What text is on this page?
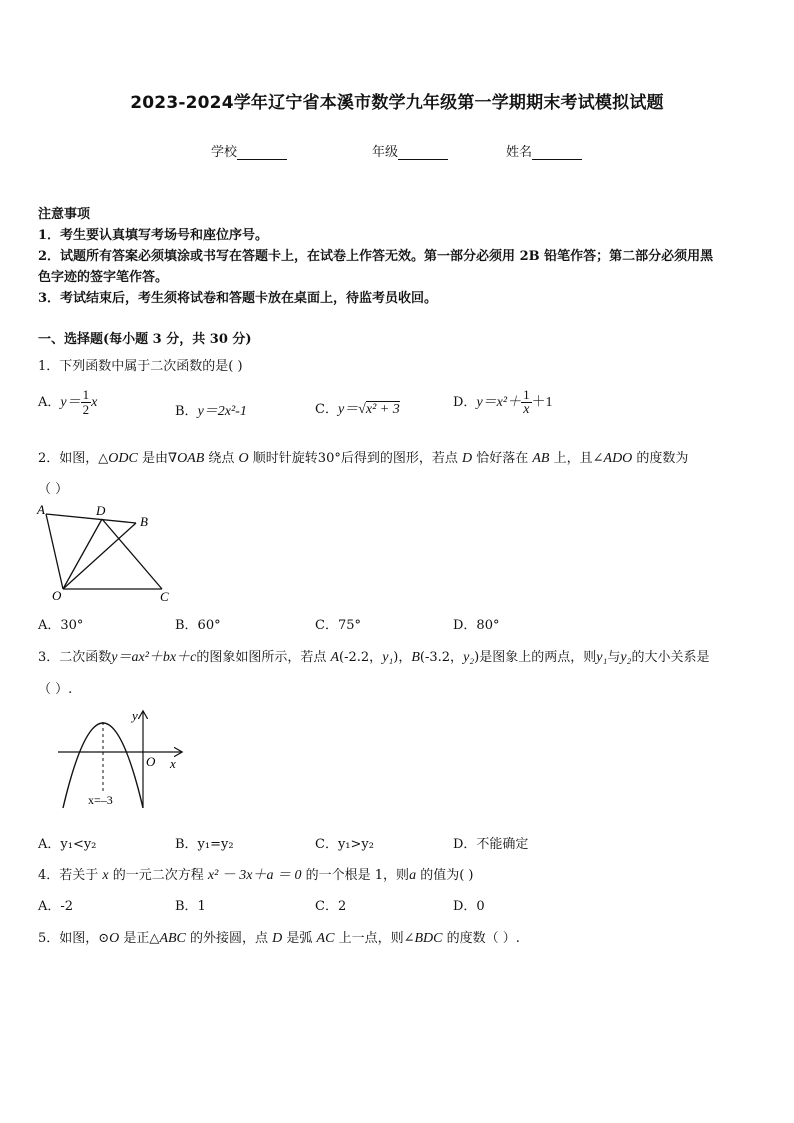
2023-2024学年辽宁省本溪市数学九年级第一学期期末考试模拟试题
学校	年级	姓名
注意事项
1．考生要认真填写考场号和座位序号。
2．试题所有答案必须填涂或书写在答题卡上，在试卷上作答无效。第一部分必须用 2B 铅笔作答；第二部分必须用黑
色字迹的签字笔作答。
3．考试结束后，考生须将试卷和答题卡放在桌面上，待监考员收回。
一、选择题(每小题 3 分，共 30 分)
1．下列函数中属于二次函数的是( )
A．$y= \frac{1}{2}$ x
B．y＝2x²-1	C．y＝√x² + 3	D．$y=x^2+ \frac{1}{x} +1$
2．如图，△ODC 是由∇OAB 绕点 O 顺时针旋转30°后得到的图形，若点 D 恰好落在 AB 上，且∠ADO 的度数为
（ ）
A	D
B
O	C
A．30°	B．60°	C．75°	D．80°
3．二次函数y＝ax²＋bx＋c的图象如图所示，若点 A(-2.2，y₁)，B(-3.2，y₂)是图象上的两点，则y₁与y₂的大小关系是
（ ）.
y
x
O
x=–3
A．y₁<y₂	B．y₁=y₂	C．y₁>y₂	D．不能确定
4．若关于 x 的一元二次方程 x² － 3x＋a ＝ 0 的一个根是 1，则a 的值为( )
A．-2	B．1	C．2	D．0
5．如图，⊙O 是正△ABC 的外接圆，点 D 是弧 AC 上一点，则∠BDC 的度数（ ）.
